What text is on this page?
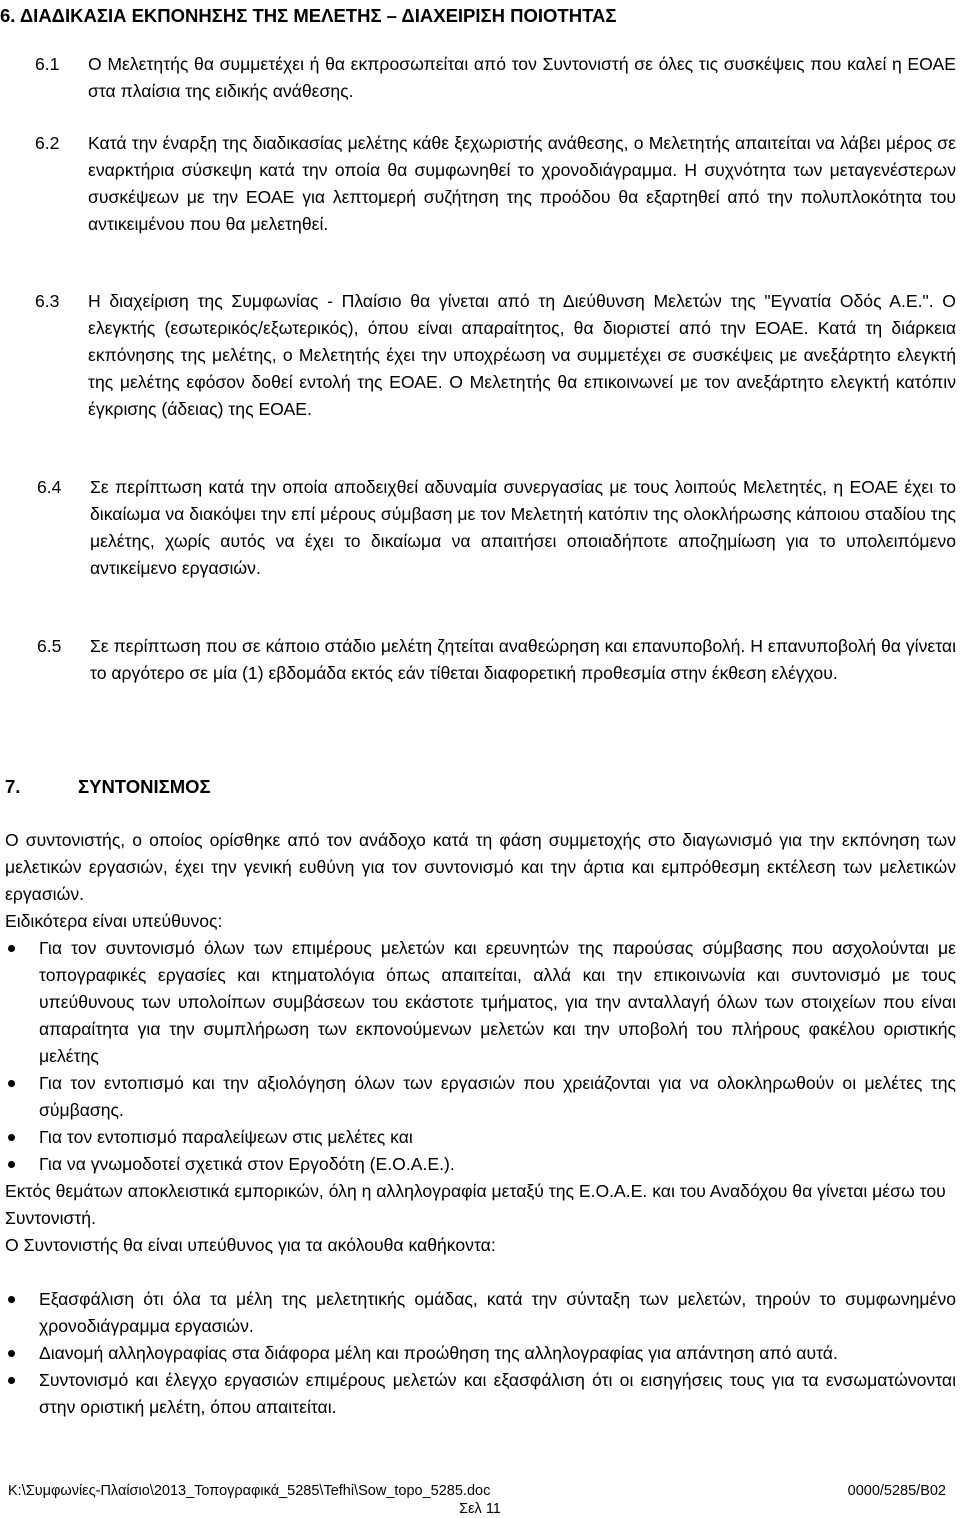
6. ΔΙΑΔΙΚΑΣΙΑ ΕΚΠΟΝΗΣΗΣ ΤΗΣ ΜΕΛΕΤΗΣ – ΔΙΑΧΕΙΡΙΣΗ ΠΟΙΟΤΗΤΑΣ
6.1 Ο Μελετητής θα συμμετέχει ή θα εκπροσωπείται από τον Συντονιστή σε όλες τις συσκέψεις που καλεί η ΕΟΑΕ στα πλαίσια της ειδικής ανάθεσης.
6.2 Κατά την έναρξη της διαδικασίας μελέτης κάθε ξεχωριστής ανάθεσης, ο Μελετητής απαιτείται να λάβει μέρος σε εναρκτήρια σύσκεψη κατά την οποία θα συμφωνηθεί το χρονοδιάγραμμα. Η συχνότητα των μεταγενέστερων συσκέψεων με την ΕΟΑΕ για λεπτομερή συζήτηση της προόδου θα εξαρτηθεί από την πολυπλοκότητα του αντικειμένου που θα μελετηθεί.
6.3 Η διαχείριση της Συμφωνίας - Πλαίσιο θα γίνεται από τη Διεύθυνση Μελετών της "Εγνατία Οδός Α.Ε.". Ο ελεγκτής (εσωτερικός/εξωτερικός), όπου είναι απαραίτητος, θα διοριστεί από την ΕΟΑΕ. Κατά τη διάρκεια εκπόνησης της μελέτης, ο Μελετητής έχει την υποχρέωση να συμμετέχει σε συσκέψεις με ανεξάρτητο ελεγκτή της μελέτης εφόσον δοθεί εντολή της ΕΟΑΕ. Ο Μελετητής θα επικοινωνεί με τον ανεξάρτητο ελεγκτή κατόπιν έγκρισης (άδειας) της ΕΟΑΕ.
6.4 Σε περίπτωση κατά την οποία αποδειχθεί αδυναμία συνεργασίας με τους λοιπούς Μελετητές, η ΕΟΑΕ έχει το δικαίωμα να διακόψει την επί μέρους σύμβαση με τον Μελετητή κατόπιν της ολοκλήρωσης κάποιου σταδίου της μελέτης, χωρίς αυτός να έχει το δικαίωμα να απαιτήσει οποιαδήποτε αποζημίωση για το υπολειπόμενο αντικείμενο εργασιών.
6.5 Σε περίπτωση που σε κάποιο στάδιο μελέτη ζητείται αναθεώρηση και επανυποβολή. Η επανυποβολή θα γίνεται το αργότερο σε μία (1) εβδομάδα εκτός εάν τίθεται διαφορετική προθεσμία στην έκθεση ελέγχου.
7.	ΣΥΝΤΟΝΙΣΜΟΣ
Ο συντονιστής, ο οποίος ορίσθηκε από τον ανάδοχο κατά τη φάση συμμετοχής στο διαγωνισμό για την εκπόνηση των μελετικών εργασιών, έχει την γενική ευθύνη για τον συντονισμό και την άρτια και εμπρόθεσμη εκτέλεση των μελετικών εργασιών.
Ειδικότερα είναι υπεύθυνος:
Για τον συντονισμό όλων των επιμέρους μελετών και ερευνητών της παρούσας σύμβασης που ασχολούνται με τοπογραφικές εργασίες και κτηματολόγια όπως απαιτείται, αλλά και την επικοινωνία και συντονισμό με τους υπεύθυνους των υπολοίπων συμβάσεων του εκάστοτε τμήματος, για την ανταλλαγή όλων των στοιχείων που είναι απαραίτητα για την συμπλήρωση των εκπονούμενων μελετών και την υποβολή του πλήρους φακέλου οριστικής μελέτης
Για τον εντοπισμό και την αξιολόγηση όλων των εργασιών που χρειάζονται για να ολοκληρωθούν οι μελέτες της σύμβασης.
Για τον εντοπισμό παραλείψεων στις μελέτες και
Για να γνωμοδοτεί σχετικά στον Εργοδότη (Ε.Ο.Α.Ε.).
Εκτός θεμάτων αποκλειστικά εμπορικών, όλη η αλληλογραφία μεταξύ της Ε.Ο.Α.Ε. και του Αναδόχου θα γίνεται μέσω του Συντονιστή.
Ο Συντονιστής θα είναι υπεύθυνος για τα ακόλουθα καθήκοντα:
Εξασφάλιση ότι όλα τα μέλη της μελετητικής ομάδας, κατά την σύνταξη των μελετών, τηρούν το συμφωνημένο χρονοδιάγραμμα εργασιών.
Διανομή αλληλογραφίας στα διάφορα μέλη και προώθηση της αλληλογραφίας για απάντηση από αυτά.
Συντονισμό και έλεγχο εργασιών επιμέρους μελετών και εξασφάλιση ότι οι εισηγήσεις τους για τα ενσωματώνονται στην οριστική μελέτη, όπου απαιτείται.
K:\Συμφωνίες-Πλαίσιο\2013_Τοπογραφικά_5285\Tefhi\Sow_topo_5285.doc	0000/5285/B02
Σελ 11
